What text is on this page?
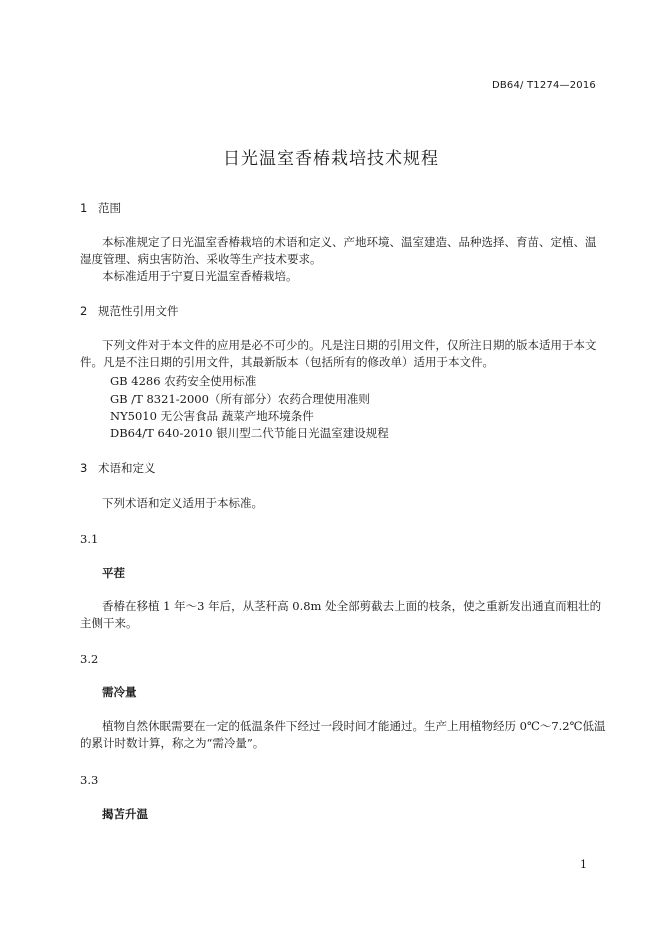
DB64/ T1274—2016
日光温室香椿栽培技术规程
1 范围
本标准规定了日光温室香椿栽培的术语和定义、产地环境、温室建造、品种选择、育苗、定植、温
湿度管理、病虫害防治、采收等生产技术要求。
本标准适用于宁夏日光温室香椿栽培。
2 规范性引用文件
下列文件对于本文件的应用是必不可少的。凡是注日期的引用文件，仅所注日期的版本适用于本文
件。凡是不注日期的引用文件，其最新版本（包括所有的修改单）适用于本文件。
GB 4286 农药安全使用标准
GB /T 8321-2000（所有部分）农药合理使用准则
NY5010 无公害食品 蔬菜产地环境条件
DB64/T 640-2010 银川型二代节能日光温室建设规程
3 术语和定义
下列术语和定义适用于本标准。
3.1
平茬
香椿在移植 1 年～3 年后，从茎秆高 0.8m 处全部剪截去上面的枝条，使之重新发出通直而粗壮的
主侧干来。
3.2
需冷量
植物自然休眠需要在一定的低温条件下经过一段时间才能通过。生产上用植物经历 0℃～7.2℃低温
的累计时数计算，称之为“需冷量”。
3.3
揭苫升温
1
